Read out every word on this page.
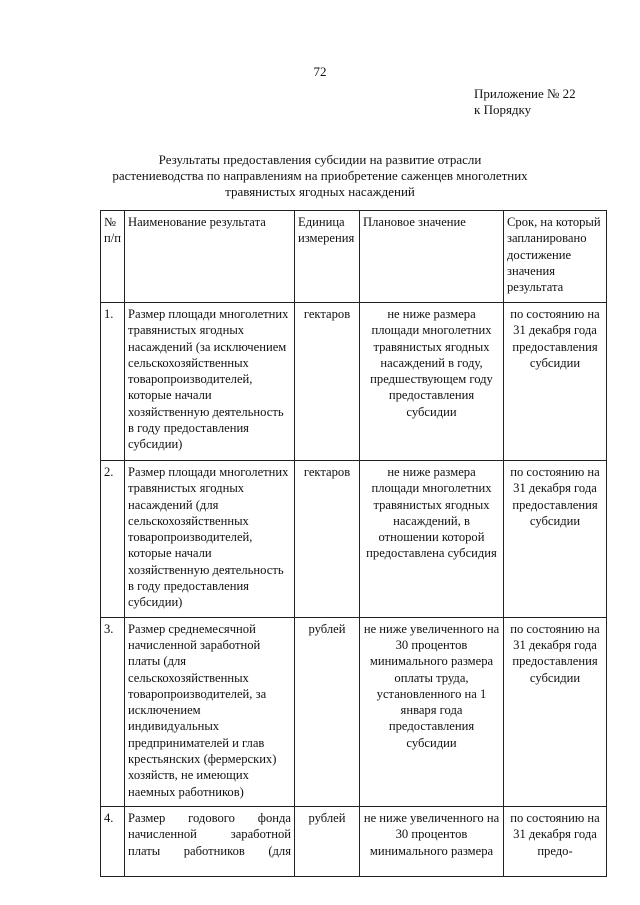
72
Приложение № 22
к Порядку
Результаты предоставления субсидии на развитие отрасли
растениеводства по направлениям на приобретение саженцев многолетних
травянистых ягодных насаждений
№ п/п	Наименование результата	Единица измерения	Плановое значение	Срок, на который запланировано достижение значения результата
1.	Размер площади многолетних травянистых ягодных насаждений (за исключением сельскохозяйственных товаропроизводителей, которые начали хозяйственную деятельность в году предоставления субсидии)	гектаров	не ниже размера площади многолетних травянистых ягодных насаждений в году, предшествующем году предоставления субсидии	по состоянию на 31 декабря года предоставления субсидии
2.	Размер площади многолетних травянистых ягодных насаждений (для сельскохозяйственных товаропроизводителей, которые начали хозяйственную деятельность в году предоставления субсидии)	гектаров	не ниже размера площади многолетних травянистых ягодных насаждений, в отношении которой предоставлена субсидия	по состоянию на 31 декабря года предоставления субсидии
3.	Размер среднемесячной начисленной заработной платы (для сельскохозяйственных товаропроизводителей, за исключением индивидуальных предпринимателей и глав крестьянских (фермерских) хозяйств, не имеющих наемных работников)	рублей	не ниже увеличенного на 30 процентов минимального размера оплаты труда, установленного на 1 января года предоставления субсидии	по состоянию на 31 декабря года предоставления субсидии
4.	Размер годового фонда начисленной заработной платы работников (для	рублей	не ниже увеличенного на 30 процентов минимального размера	по состоянию на 31 декабря года предо-
